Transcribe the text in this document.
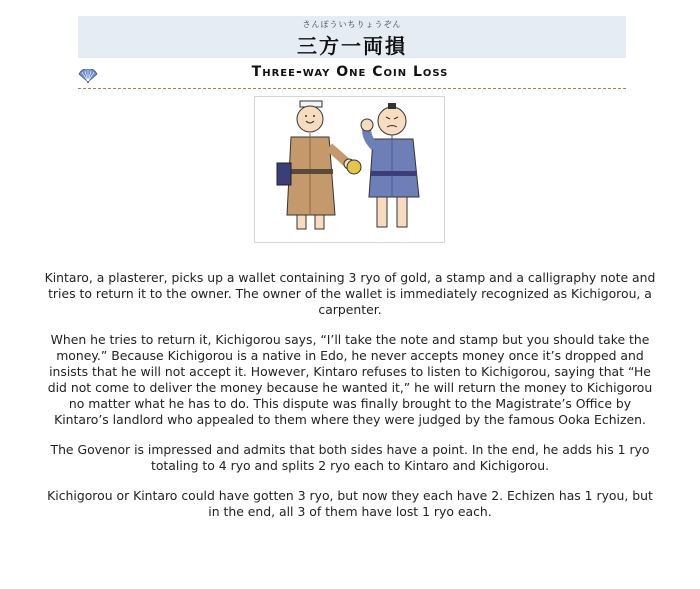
さんぽういちりょうぞん
三方一両損
Three-way One Coin Loss

Kintaro, a plasterer, picks up a wallet containing 3 ryo of gold, a stamp and a calligraphy note and tries to return it to the owner. The owner of the wallet is immediately recognized as Kichigorou, a carpenter.

When he tries to return it, Kichigorou says, “I’ll take the note and stamp but you should take the money.” Because Kichigorou is a native in Edo, he never accepts money once it’s dropped and insists that he will not accept it. However, Kintaro refuses to listen to Kichigorou, saying that “He did not come to deliver the money because he wanted it,” he will return the money to Kichigorou no matter what he has to do. This dispute was finally brought to the Magistrate’s Office by Kintaro’s landlord who appealed to them where they were judged by the famous Ooka Echizen.

The Govenor is impressed and admits that both sides have a point. In the end, he adds his 1 ryo totaling to 4 ryo and splits 2 ryo each to Kintaro and Kichigorou.

Kichigorou or Kintaro could have gotten 3 ryo, but now they each have 2. Echizen has 1 ryou, but in the end, all 3 of them have lost 1 ryo each.
